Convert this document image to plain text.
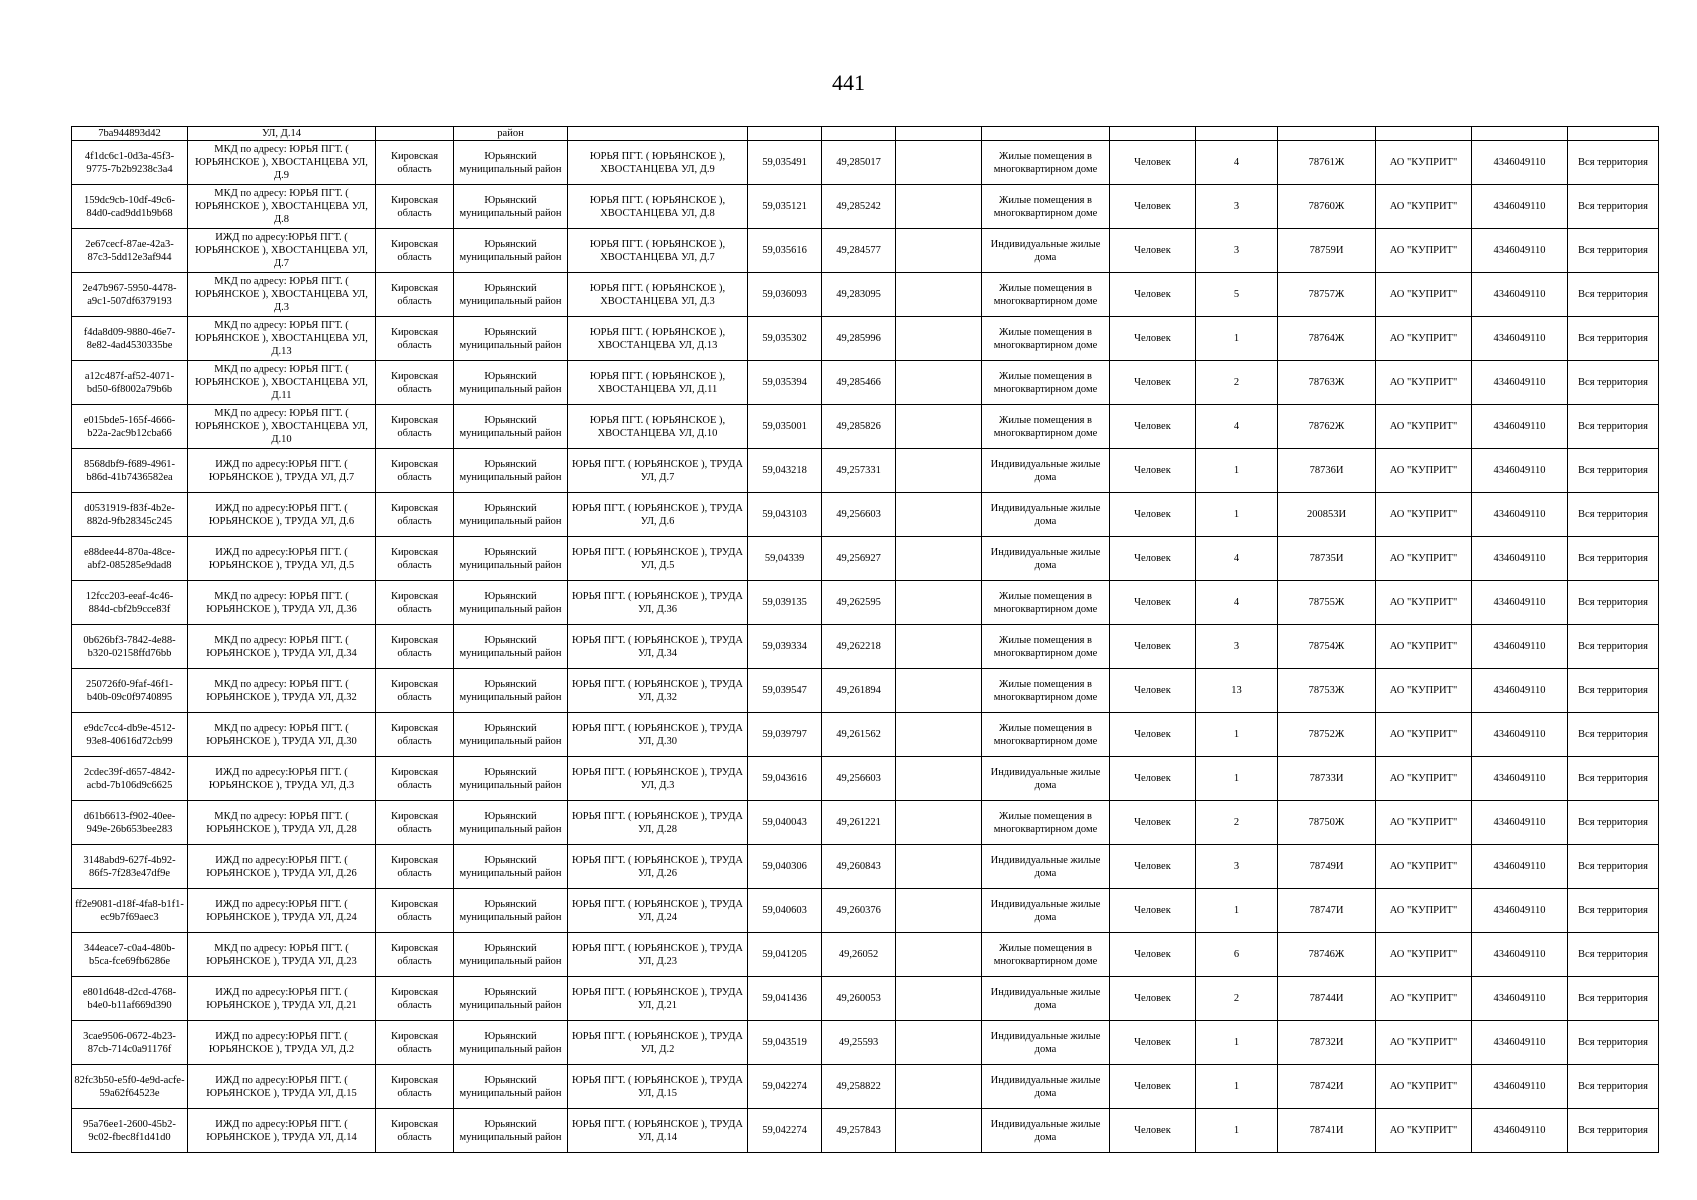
441
7ba944893d42	УЛ, Д.14		район											
4f1dc6c1-0d3a-45f3-9775-7b2b9238c3a4	МКД по адресу: ЮРЬЯ ПГТ. ( ЮРЬЯНСКОЕ ), ХВОСТАНЦЕВА УЛ, Д.9	Кировская область	Юрьянский муниципальный район	ЮРЬЯ ПГТ. ( ЮРЬЯНСКОЕ ), ХВОСТАНЦЕВА УЛ, Д.9	59,035491	49,285017		Жилые помещения в многоквартирном доме	Человек	4	78761Ж	АО "КУПРИТ"	4346049110	Вся территория
159dc9cb-10df-49c6-84d0-cad9dd1b9b68	МКД по адресу: ЮРЬЯ ПГТ. ( ЮРЬЯНСКОЕ ), ХВОСТАНЦЕВА УЛ, Д.8	Кировская область	Юрьянский муниципальный район	ЮРЬЯ ПГТ. ( ЮРЬЯНСКОЕ ), ХВОСТАНЦЕВА УЛ, Д.8	59,035121	49,285242		Жилые помещения в многоквартирном доме	Человек	3	78760Ж	АО "КУПРИТ"	4346049110	Вся территория
2e67cecf-87ae-42a3-87c3-5dd12e3af944	ИЖД по адресу:ЮРЬЯ ПГТ. ( ЮРЬЯНСКОЕ ), ХВОСТАНЦЕВА УЛ, Д.7	Кировская область	Юрьянский муниципальный район	ЮРЬЯ ПГТ. ( ЮРЬЯНСКОЕ ), ХВОСТАНЦЕВА УЛ, Д.7	59,035616	49,284577		Индивидуальные жилые дома	Человек	3	78759И	АО "КУПРИТ"	4346049110	Вся территория
2e47b967-5950-4478-a9c1-507df6379193	МКД по адресу: ЮРЬЯ ПГТ. ( ЮРЬЯНСКОЕ ), ХВОСТАНЦЕВА УЛ, Д.3	Кировская область	Юрьянский муниципальный район	ЮРЬЯ ПГТ. ( ЮРЬЯНСКОЕ ), ХВОСТАНЦЕВА УЛ, Д.3	59,036093	49,283095		Жилые помещения в многоквартирном доме	Человек	5	78757Ж	АО "КУПРИТ"	4346049110	Вся территория
f4da8d09-9880-46e7-8e82-4ad4530335be	МКД по адресу: ЮРЬЯ ПГТ. ( ЮРЬЯНСКОЕ ), ХВОСТАНЦЕВА УЛ, Д.13	Кировская область	Юрьянский муниципальный район	ЮРЬЯ ПГТ. ( ЮРЬЯНСКОЕ ), ХВОСТАНЦЕВА УЛ, Д.13	59,035302	49,285996		Жилые помещения в многоквартирном доме	Человек	1	78764Ж	АО "КУПРИТ"	4346049110	Вся территория
a12c487f-af52-4071-bd50-6f8002a79b6b	МКД по адресу: ЮРЬЯ ПГТ. ( ЮРЬЯНСКОЕ ), ХВОСТАНЦЕВА УЛ, Д.11	Кировская область	Юрьянский муниципальный район	ЮРЬЯ ПГТ. ( ЮРЬЯНСКОЕ ), ХВОСТАНЦЕВА УЛ, Д.11	59,035394	49,285466		Жилые помещения в многоквартирном доме	Человек	2	78763Ж	АО "КУПРИТ"	4346049110	Вся территория
e015bde5-165f-4666-b22a-2ac9b12cba66	МКД по адресу: ЮРЬЯ ПГТ. ( ЮРЬЯНСКОЕ ), ХВОСТАНЦЕВА УЛ, Д.10	Кировская область	Юрьянский муниципальный район	ЮРЬЯ ПГТ. ( ЮРЬЯНСКОЕ ), ХВОСТАНЦЕВА УЛ, Д.10	59,035001	49,285826		Жилые помещения в многоквартирном доме	Человек	4	78762Ж	АО "КУПРИТ"	4346049110	Вся территория
8568dbf9-f689-4961-b86d-41b7436582ea	ИЖД по адресу:ЮРЬЯ ПГТ. ( ЮРЬЯНСКОЕ ), ТРУДА УЛ, Д.7	Кировская область	Юрьянский муниципальный район	ЮРЬЯ ПГТ. ( ЮРЬЯНСКОЕ ), ТРУДА УЛ, Д.7	59,043218	49,257331		Индивидуальные жилые дома	Человек	1	78736И	АО "КУПРИТ"	4346049110	Вся территория
d0531919-f83f-4b2e-882d-9fb28345c245	ИЖД по адресу:ЮРЬЯ ПГТ. ( ЮРЬЯНСКОЕ ), ТРУДА УЛ, Д.6	Кировская область	Юрьянский муниципальный район	ЮРЬЯ ПГТ. ( ЮРЬЯНСКОЕ ), ТРУДА УЛ, Д.6	59,043103	49,256603		Индивидуальные жилые дома	Человек	1	200853И	АО "КУПРИТ"	4346049110	Вся территория
e88dee44-870a-48ce-abf2-085285e9dad8	ИЖД по адресу:ЮРЬЯ ПГТ. ( ЮРЬЯНСКОЕ ), ТРУДА УЛ, Д.5	Кировская область	Юрьянский муниципальный район	ЮРЬЯ ПГТ. ( ЮРЬЯНСКОЕ ), ТРУДА УЛ, Д.5	59,04339	49,256927		Индивидуальные жилые дома	Человек	4	78735И	АО "КУПРИТ"	4346049110	Вся территория
12fcc203-eeaf-4c46-884d-cbf2b9cce83f	МКД по адресу: ЮРЬЯ ПГТ. ( ЮРЬЯНСКОЕ ), ТРУДА УЛ, Д.36	Кировская область	Юрьянский муниципальный район	ЮРЬЯ ПГТ. ( ЮРЬЯНСКОЕ ), ТРУДА УЛ, Д.36	59,039135	49,262595		Жилые помещения в многоквартирном доме	Человек	4	78755Ж	АО "КУПРИТ"	4346049110	Вся территория
0b626bf3-7842-4e88-b320-02158ffd76bb	МКД по адресу: ЮРЬЯ ПГТ. ( ЮРЬЯНСКОЕ ), ТРУДА УЛ, Д.34	Кировская область	Юрьянский муниципальный район	ЮРЬЯ ПГТ. ( ЮРЬЯНСКОЕ ), ТРУДА УЛ, Д.34	59,039334	49,262218		Жилые помещения в многоквартирном доме	Человек	3	78754Ж	АО "КУПРИТ"	4346049110	Вся территория
250726f0-9faf-46f1-b40b-09c0f9740895	МКД по адресу: ЮРЬЯ ПГТ. ( ЮРЬЯНСКОЕ ), ТРУДА УЛ, Д.32	Кировская область	Юрьянский муниципальный район	ЮРЬЯ ПГТ. ( ЮРЬЯНСКОЕ ), ТРУДА УЛ, Д.32	59,039547	49,261894		Жилые помещения в многоквартирном доме	Человек	13	78753Ж	АО "КУПРИТ"	4346049110	Вся территория
e9dc7cc4-db9e-4512-93e8-40616d72cb99	МКД по адресу: ЮРЬЯ ПГТ. ( ЮРЬЯНСКОЕ ), ТРУДА УЛ, Д.30	Кировская область	Юрьянский муниципальный район	ЮРЬЯ ПГТ. ( ЮРЬЯНСКОЕ ), ТРУДА УЛ, Д.30	59,039797	49,261562		Жилые помещения в многоквартирном доме	Человек	1	78752Ж	АО "КУПРИТ"	4346049110	Вся территория
2cdec39f-d657-4842-acbd-7b106d9c6625	ИЖД по адресу:ЮРЬЯ ПГТ. ( ЮРЬЯНСКОЕ ), ТРУДА УЛ, Д.3	Кировская область	Юрьянский муниципальный район	ЮРЬЯ ПГТ. ( ЮРЬЯНСКОЕ ), ТРУДА УЛ, Д.3	59,043616	49,256603		Индивидуальные жилые дома	Человек	1	78733И	АО "КУПРИТ"	4346049110	Вся территория
d61b6613-f902-40ee-949e-26b653bee283	МКД по адресу: ЮРЬЯ ПГТ. ( ЮРЬЯНСКОЕ ), ТРУДА УЛ, Д.28	Кировская область	Юрьянский муниципальный район	ЮРЬЯ ПГТ. ( ЮРЬЯНСКОЕ ), ТРУДА УЛ, Д.28	59,040043	49,261221		Жилые помещения в многоквартирном доме	Человек	2	78750Ж	АО "КУПРИТ"	4346049110	Вся территория
3148abd9-627f-4b92-86f5-7f283e47df9e	ИЖД по адресу:ЮРЬЯ ПГТ. ( ЮРЬЯНСКОЕ ), ТРУДА УЛ, Д.26	Кировская область	Юрьянский муниципальный район	ЮРЬЯ ПГТ. ( ЮРЬЯНСКОЕ ), ТРУДА УЛ, Д.26	59,040306	49,260843		Индивидуальные жилые дома	Человек	3	78749И	АО "КУПРИТ"	4346049110	Вся территория
ff2e9081-d18f-4fa8-b1f1-ec9b7f69aec3	ИЖД по адресу:ЮРЬЯ ПГТ. ( ЮРЬЯНСКОЕ ), ТРУДА УЛ, Д.24	Кировская область	Юрьянский муниципальный район	ЮРЬЯ ПГТ. ( ЮРЬЯНСКОЕ ), ТРУДА УЛ, Д.24	59,040603	49,260376		Индивидуальные жилые дома	Человек	1	78747И	АО "КУПРИТ"	4346049110	Вся территория
344eace7-c0a4-480b-b5ca-fce69fb6286e	МКД по адресу: ЮРЬЯ ПГТ. ( ЮРЬЯНСКОЕ ), ТРУДА УЛ, Д.23	Кировская область	Юрьянский муниципальный район	ЮРЬЯ ПГТ. ( ЮРЬЯНСКОЕ ), ТРУДА УЛ, Д.23	59,041205	49,26052		Жилые помещения в многоквартирном доме	Человек	6	78746Ж	АО "КУПРИТ"	4346049110	Вся территория
e801d648-d2cd-4768-b4e0-b11af669d390	ИЖД по адресу:ЮРЬЯ ПГТ. ( ЮРЬЯНСКОЕ ), ТРУДА УЛ, Д.21	Кировская область	Юрьянский муниципальный район	ЮРЬЯ ПГТ. ( ЮРЬЯНСКОЕ ), ТРУДА УЛ, Д.21	59,041436	49,260053		Индивидуальные жилые дома	Человек	2	78744И	АО "КУПРИТ"	4346049110	Вся территория
3cae9506-0672-4b23-87cb-714c0a91176f	ИЖД по адресу:ЮРЬЯ ПГТ. ( ЮРЬЯНСКОЕ ), ТРУДА УЛ, Д.2	Кировская область	Юрьянский муниципальный район	ЮРЬЯ ПГТ. ( ЮРЬЯНСКОЕ ), ТРУДА УЛ, Д.2	59,043519	49,25593		Индивидуальные жилые дома	Человек	1	78732И	АО "КУПРИТ"	4346049110	Вся территория
82fc3b50-e5f0-4e9d-acfe-59a62f64523e	ИЖД по адресу:ЮРЬЯ ПГТ. ( ЮРЬЯНСКОЕ ), ТРУДА УЛ, Д.15	Кировская область	Юрьянский муниципальный район	ЮРЬЯ ПГТ. ( ЮРЬЯНСКОЕ ), ТРУДА УЛ, Д.15	59,042274	49,258822		Индивидуальные жилые дома	Человек	1	78742И	АО "КУПРИТ"	4346049110	Вся территория
95a76ee1-2600-45b2-9c02-fbec8f1d41d0	ИЖД по адресу:ЮРЬЯ ПГТ. ( ЮРЬЯНСКОЕ ), ТРУДА УЛ, Д.14	Кировская область	Юрьянский муниципальный район	ЮРЬЯ ПГТ. ( ЮРЬЯНСКОЕ ), ТРУДА УЛ, Д.14	59,042274	49,257843		Индивидуальные жилые дома	Человек	1	78741И	АО "КУПРИТ"	4346049110	Вся территория
